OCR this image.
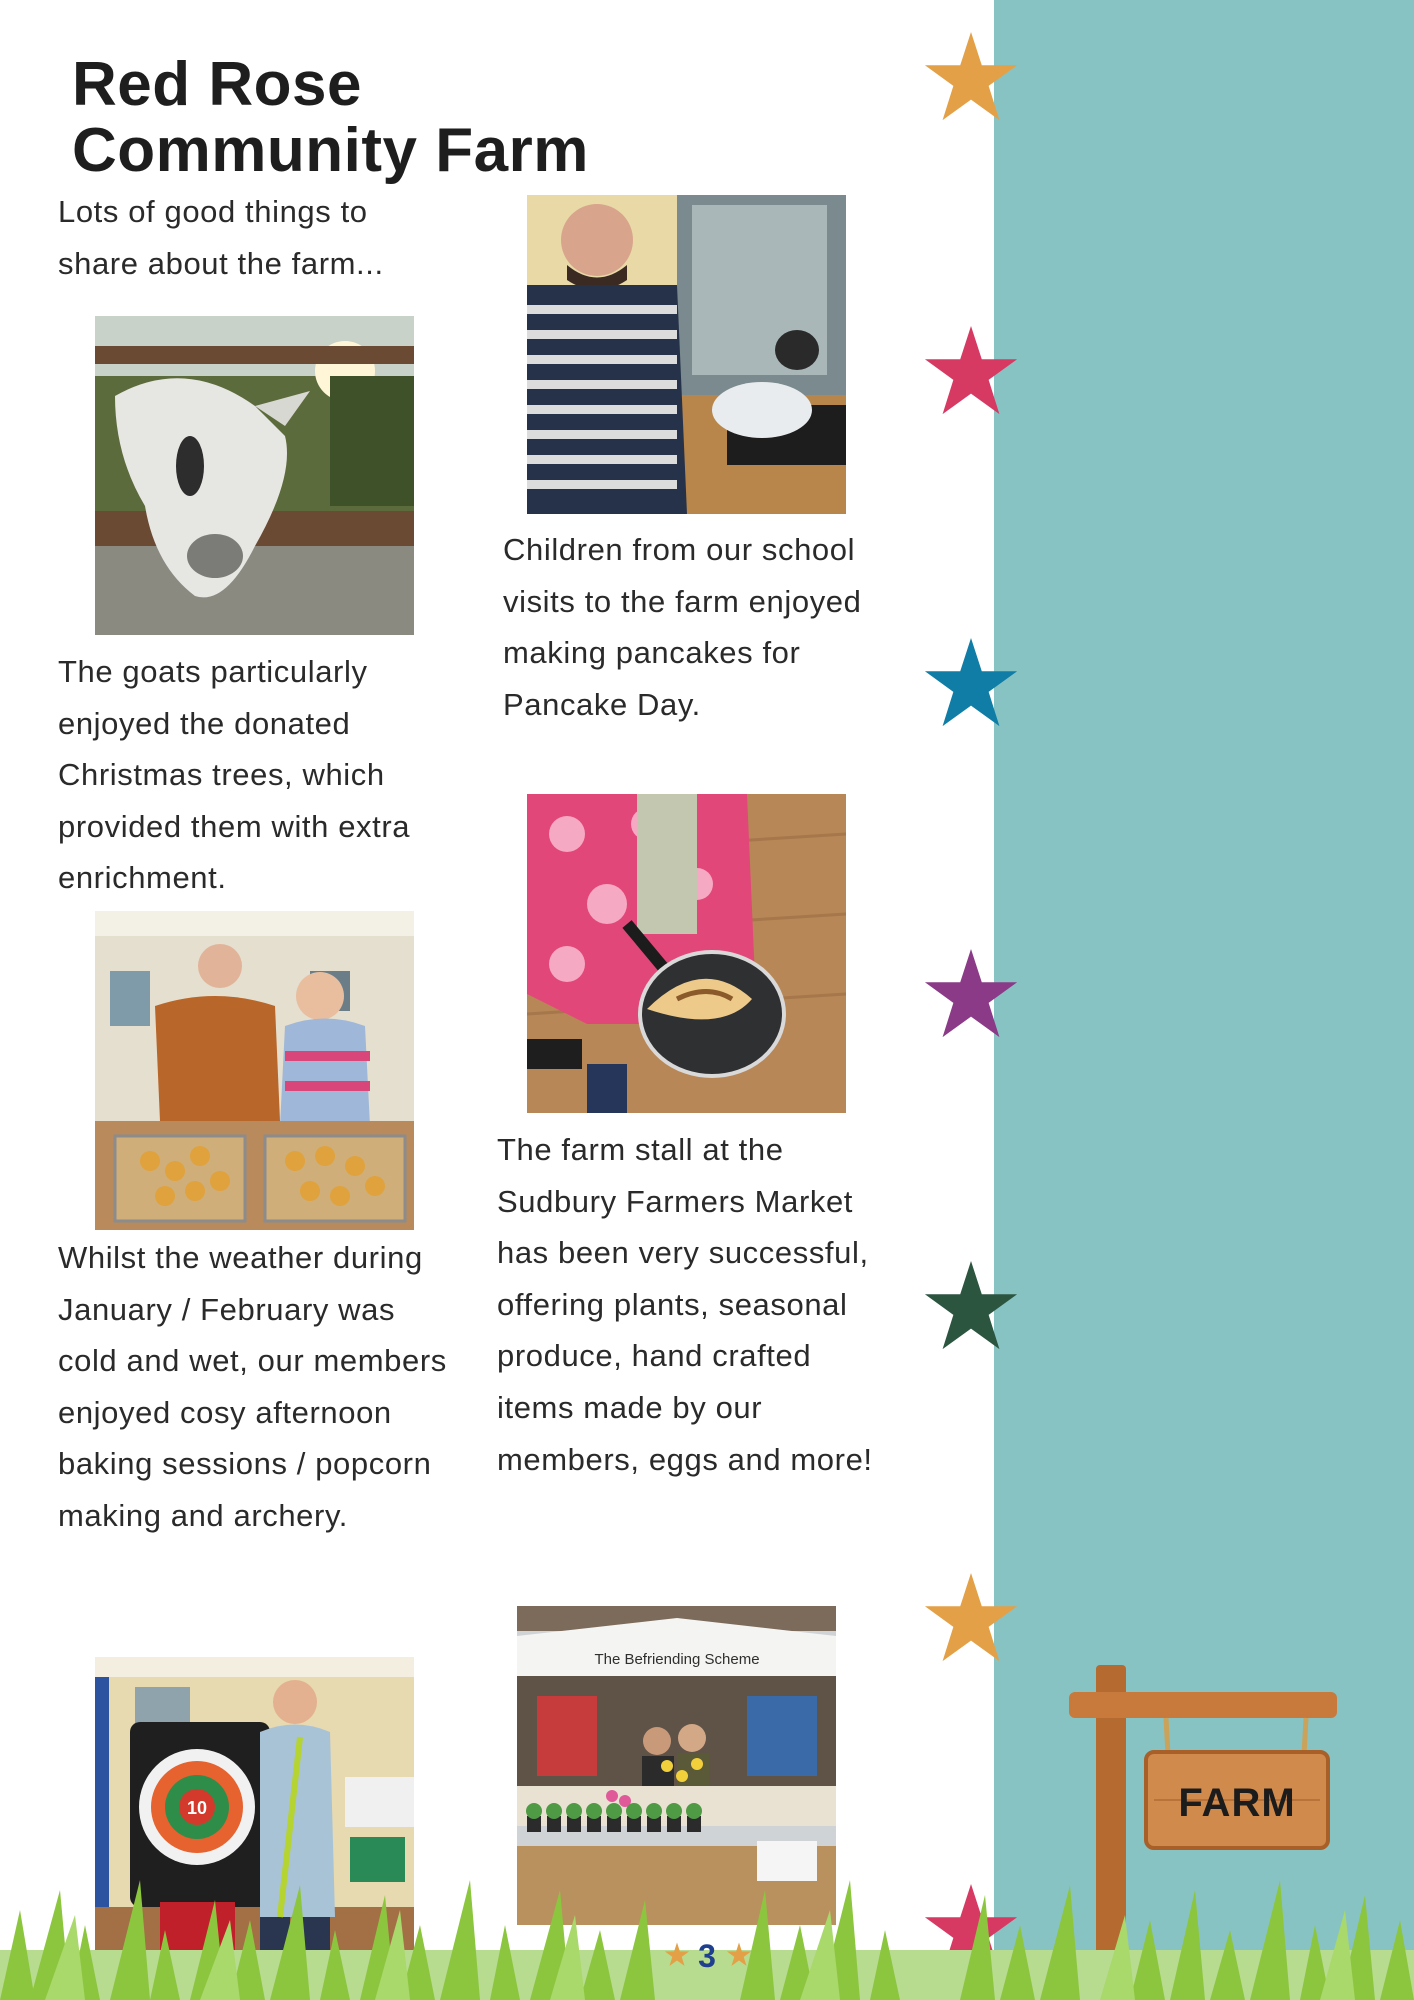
Red Rose
Community Farm

Lots of good things to share about the farm...

The goats particularly enjoyed the donated Christmas trees, which provided them with extra enrichment.

Whilst the weather during January / February was cold and wet, our members enjoyed cosy afternoon baking sessions / popcorn making and archery.

Children from our school visits to the farm enjoyed making pancakes for Pancake Day.

The farm stall at the Sudbury Farmers Market has been very successful, offering plants, seasonal produce, hand crafted items made by our members, eggs and more!

10
The Befriending Scheme
FARM
3
